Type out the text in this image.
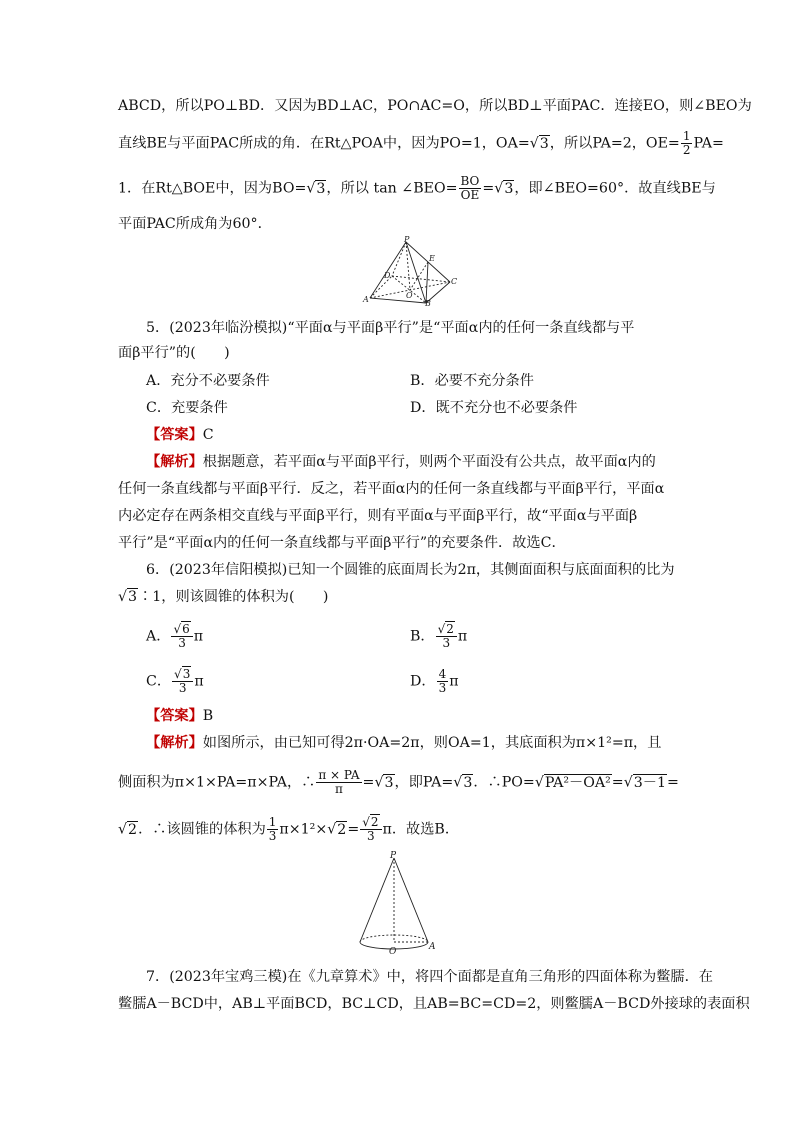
ABCD，所以PO⊥BD．又因为BD⊥AC，PO∩AC=O，所以BD⊥平面PAC．连接EO，则∠BEO为
直线BE与平面PAC所成的角．在Rt△POA中，因为PO=1，OA=√3，所以PA=2，$OE= \frac{1}{2} PA=$
1．在Rt△BOE中，因为BO=√3，所以 tan ∠BEO= $\frac{BO}{OE} =√3$，即∠BEO=60°．故直线BE与
平面PAC所成角为60°．
P
E
D
O
C
A	B
5．(2023年临汾模拟)“平面α与平面β平行”是“平面α内的任何一条直线都与平
面β平行”的(　　)
A．充分不必要条件	B．必要不充分条件
C．充要条件	D．既不充分也不必要条件
【答案】C
【解析】根据题意，若平面α与平面β平行，则两个平面没有公共点，故平面α内的
任何一条直线都与平面β平行．反之，若平面α内的任何一条直线都与平面β平行，平面α
内必定存在两条相交直线与平面β平行，则有平面α与平面β平行，故“平面α与平面β
平行”是“平面α内的任何一条直线都与平面β平行”的充要条件．故选C．
6．(2023年信阳模拟)已知一个圆锥的底面周长为2π，其侧面面积与底面面积的比为
√3∶1，则该圆锥的体积为(　　)
A． $\frac{√6}{3}$ π	B． $\frac{√2}{3}$ π
C． $\frac{√3}{3}$ π	D． $\frac{4}{3}$ π
【答案】B
【解析】如图所示，由已知可得2π·OA=2π，则OA=1，其底面积为π×1²=π，且
侧面积为π×1×PA=π×PA，∴ $\frac{\pi \times PA}{\pi} =√3$，即PA=√3．∴PO=√PA²－OA²=√3－1=
√2．∴该圆锥的体积为 $\frac{1}{3} \pi\times 1^2\times√2= \frac{√2}{3}$ π．故选B．
P
O	A
7．(2023年宝鸡三模)在《九章算术》中，将四个面都是直角三角形的四面体称为鳖臑．在
鳖臑A－BCD中，AB⊥平面BCD，BC⊥CD，且AB=BC=CD=2，则鳖臑A－BCD外接球的表面积
